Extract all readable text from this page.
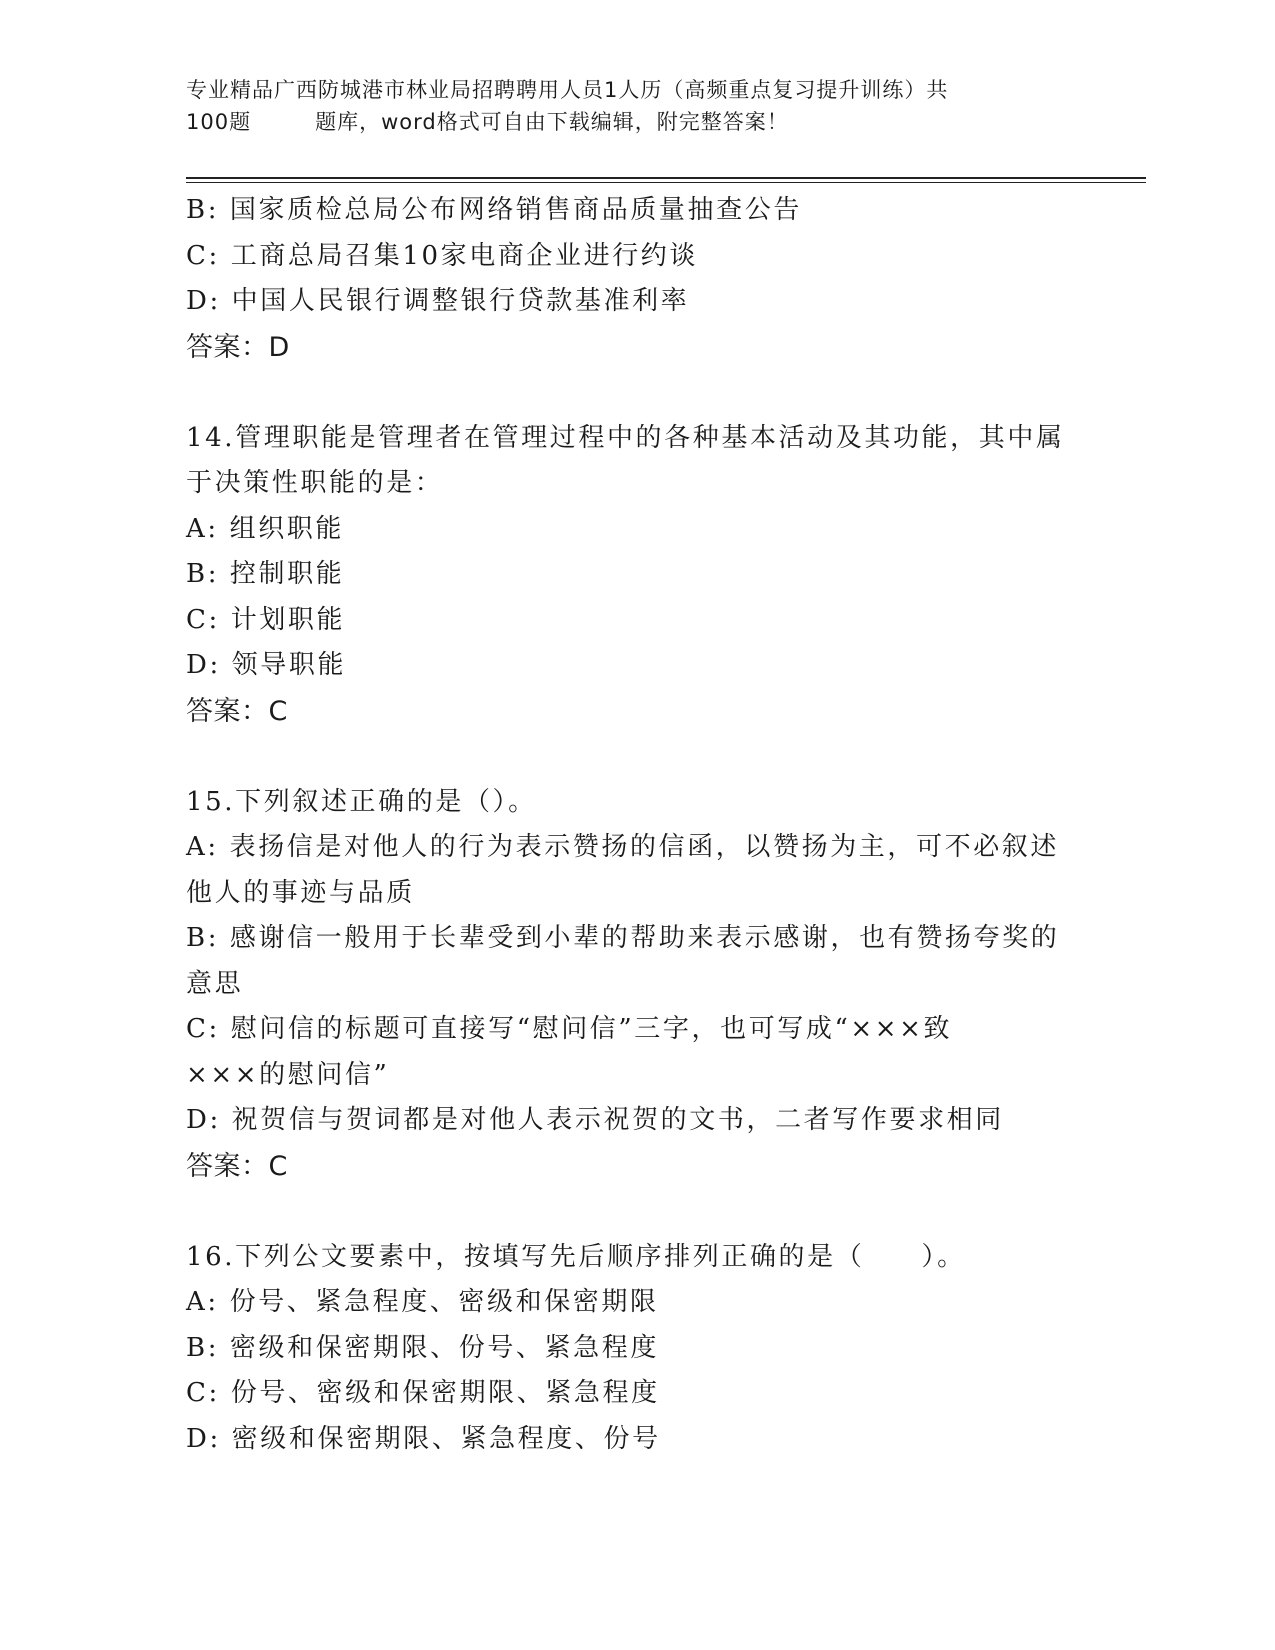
专业精品广西防城港市林业局招聘聘用人员1人历（高频重点复习提升训练）共
100题	题库，word格式可自由下载编辑，附完整答案！
B: 国家质检总局公布网络销售商品质量抽查公告
C: 工商总局召集10家电商企业进行约谈
D: 中国人民银行调整银行贷款基准利率
答案：D
14.管理职能是管理者在管理过程中的各种基本活动及其功能，其中属
于决策性职能的是：
A: 组织职能
B: 控制职能
C: 计划职能
D: 领导职能
答案：C
15.下列叙述正确的是（）。
A: 表扬信是对他人的行为表示赞扬的信函，以赞扬为主，可不必叙述
他人的事迹与品质
B: 感谢信一般用于长辈受到小辈的帮助来表示感谢，也有赞扬夸奖的
意思
C: 慰问信的标题可直接写“慰问信”三字，也可写成“×××致
×××的慰问信”
D: 祝贺信与贺词都是对他人表示祝贺的文书，二者写作要求相同
答案：C
16.下列公文要素中，按填写先后顺序排列正确的是（　　）。
A: 份号、紧急程度、密级和保密期限
B: 密级和保密期限、份号、紧急程度
C: 份号、密级和保密期限、紧急程度
D: 密级和保密期限、紧急程度、份号
